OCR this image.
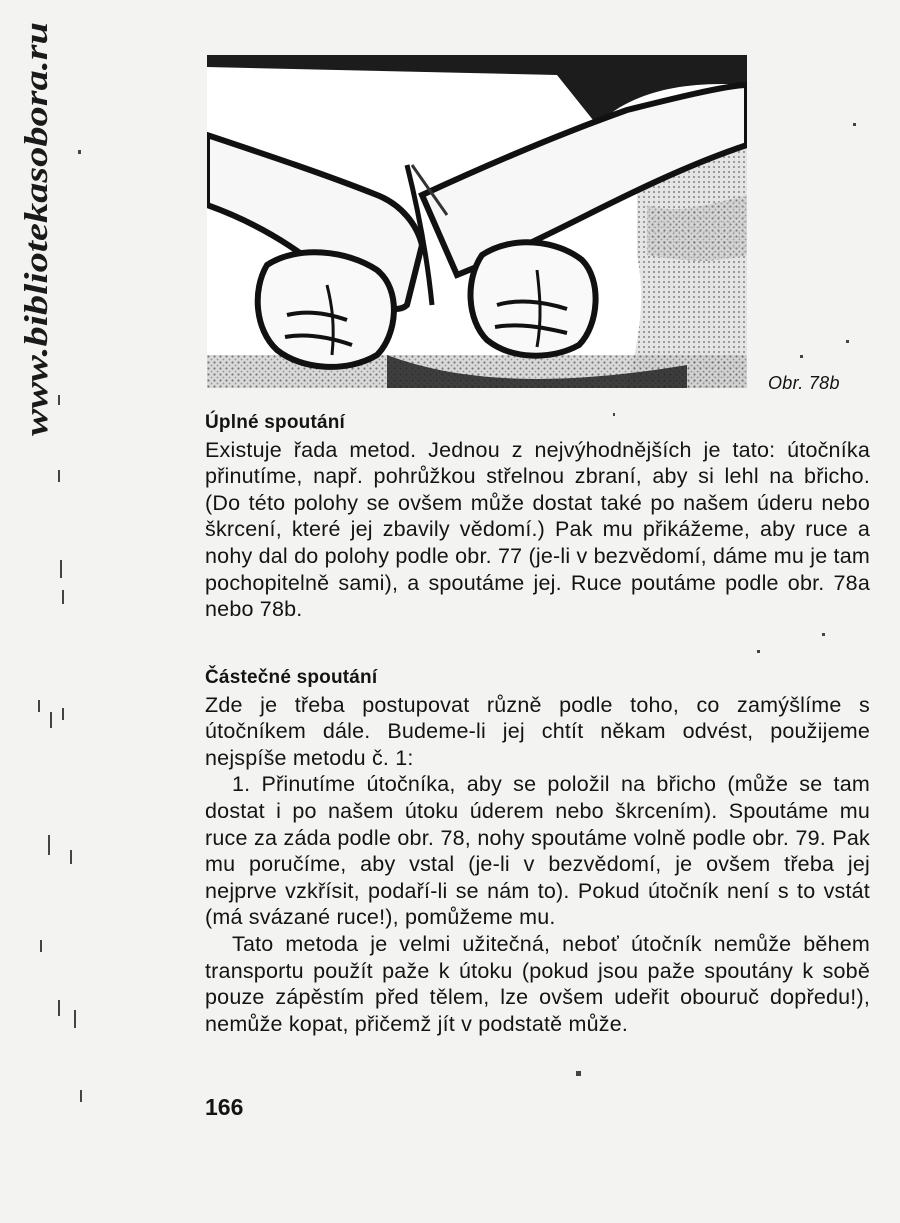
www.bibliotekasobora.ru	Obr. 78b
Úplné spoutání

Existuje řada metod. Jednou z nejvýhodnějších je tato: útočníka přinutíme, např. pohrůžkou střelnou zbraní, aby si lehl na břicho. (Do této polohy se ovšem může dostat také po našem úderu nebo škrcení, které jej zbavily vědomí.) Pak mu přikážeme, aby ruce a nohy dal do polohy podle obr. 77 (je-li v bezvědomí, dáme mu je tam pochopitelně sami), a spoutáme jej. Ruce poutáme podle obr. 78a nebo 78b.

Částečné spoutání

Zde je třeba postupovat různě podle toho, co zamýšlíme s útočníkem dále. Budeme-li jej chtít někam odvést, použijeme nejspíše metodu č. 1:

1. Přinutíme útočníka, aby se položil na břicho (může se tam dostat i po našem útoku úderem nebo škrcením). Spoutáme mu ruce za záda podle obr. 78, nohy spoutáme volně podle obr. 79. Pak mu poručíme, aby vstal (je-li v bezvědomí, je ovšem třeba jej nejprve vzkřísit, podaří-li se nám to). Pokud útočník není s to vstát (má svázané ruce!), pomůžeme mu.

Tato metoda je velmi užitečná, neboť útočník nemůže během transportu použít paže k útoku (pokud jsou paže spoutány k sobě pouze zápěstím před tělem, lze ovšem udeřit obouruč dopředu!), nemůže kopat, přičemž jít v podstatě může.

166
